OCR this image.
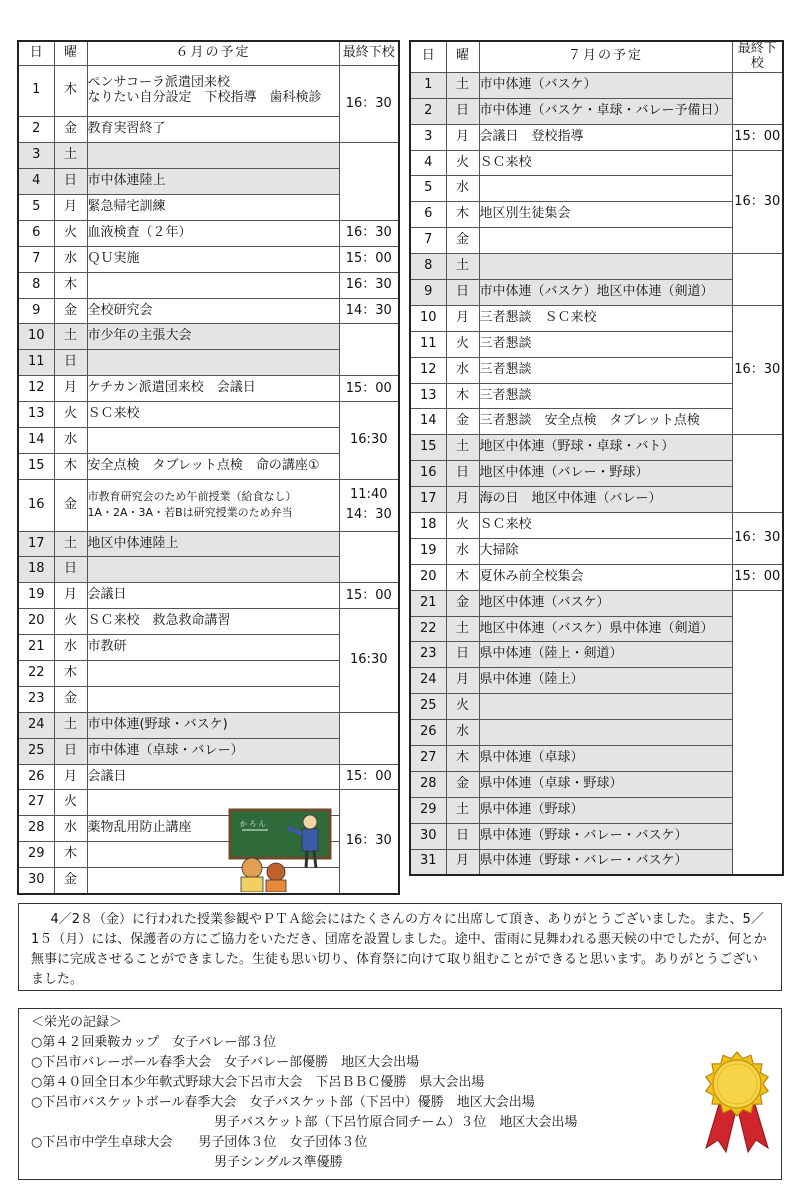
日	曜	６月の予定	最終下校
1	木	ペンサコーラ派遣団来校
なりたい自分設定　下校指導　歯科検診	16：30

2	金	教育実習終了	

3	土	

4	日	市中体連陸上	

5	月	緊急帰宅訓練	

6	火	血液検査（２年）	16：30

7	水	ＱＵ実施	15：00

8	木		16：30

9	金	全校研究会	14：30

10	土	市少年の主張大会	

11	日		

12	月	ケチカン派遣団来校　会議日	15：00

13	火	ＳＣ来校	16:30

14	水		

15	木	安全点検　タブレット点検　命の講座①	

16	金	市教育研究会のため午前授業（給食なし）
1A・2A・3A・若Bは研究授業のため弁当	11:40
14：30

17	土	地区中体連陸上	

18	日		

19	月	会議日	15：00

20	火	ＳＣ来校　救急救命講習	16:30

21	水	市教研	

22	木		

23	金		

24	土	市中体連(野球・バスケ)	

25	日	市中体連（卓球・バレー）	

26	月	会議日	15：00

27	火		16：30

28	水	薬物乱用防止講座	

29	木		

30	金		
日	曜	７月の予定	最終下校
1	土	市中体連（バスケ）	

2	日	市中体連（バスケ・卓球・バレー予備日）	

3	月	会議日　登校指導	15：00

4	火	ＳＣ来校	16：30

5	水		

6	木	地区別生徒集会	

7	金		

8	土	

9	日	市中体連（バスケ）地区中体連（剣道）	

10	月	三者懇談　ＳＣ来校	16：30

11	火	三者懇談	

12	水	三者懇談	

13	木	三者懇談	

14	金	三者懇談　安全点検　タブレット点検	

15	土	地区中体連（野球・卓球・バト）	

16	日	地区中体連（バレー・野球）	

17	月	海の日　地区中体連（バレー）	

18	火	ＳＣ来校	16：30

19	水	大掃除	

20	木	夏休み前全校集会	15：00

21	金	地区中体連（バスケ）	

22	土	地区中体連（バスケ）県中体連（剣道）	

23	日	県中体連（陸上・剣道）	

24	月	県中体連（陸上）	

25	火		

26	水		

27	木	県中体連（卓球）	

28	金	県中体連（卓球・野球）	

29	土	県中体連（野球）	

30	日	県中体連（野球・バレー・バスケ）	

31	月	県中体連（野球・バレー・バスケ）	
か ろ ん

4／2８（金）に行われた授業参観やＰＴＡ総会にはたくさんの方々に出席して頂き、ありがとうございました。また、5／1５（月）には、保護者の方にご協力をいただき、団席を設置しました。途中、雷雨に見舞われる悪天候の中でしたが、何とか無事に完成させることができました。生徒も思い切り、体育祭に向けて取り組むことができると思います。ありがとうございました。

＜栄光の記録＞

○第４２回乗鞍カップ　女子バレー部３位
○下呂市バレーボール春季大会　女子バレー部優勝　地区大会出場
○第４０回全日本少年軟式野球大会下呂市大会　下呂ＢＢＣ優勝　県大会出場
○下呂市バスケットボール春季大会　女子バスケット部（下呂中）優勝　地区大会出場
男子バスケット部（下呂竹原合同チーム）３位　地区大会出場
○下呂市中学生卓球大会　　男子団体３位　女子団体３位
男子シングルス準優勝
